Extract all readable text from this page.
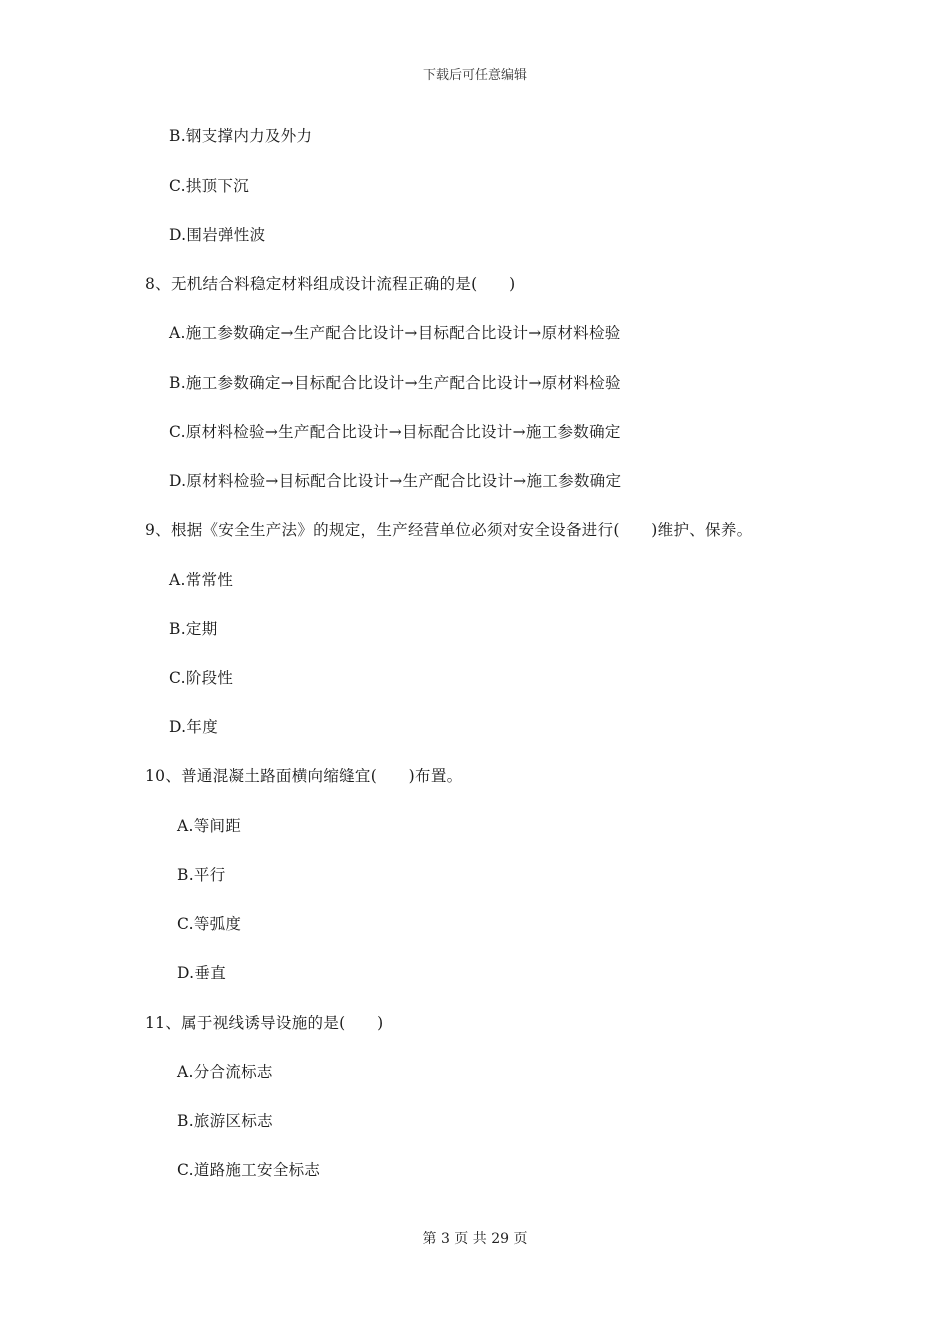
下载后可任意编辑
B.钢支撑内力及外力
C.拱顶下沉
D.围岩弹性波
8、无机结合料稳定材料组成设计流程正确的是(　　)
A.施工参数确定→生产配合比设计→目标配合比设计→原材料检验
B.施工参数确定→目标配合比设计→生产配合比设计→原材料检验
C.原材料检验→生产配合比设计→目标配合比设计→施工参数确定
D.原材料检验→目标配合比设计→生产配合比设计→施工参数确定
9、根据《安全生产法》的规定，生产经营单位必须对安全设备进行(　　)维护、保养。
A.常常性
B.定期
C.阶段性
D.年度
10、普通混凝土路面横向缩缝宜(　　)布置。
A.等间距
B.平行
C.等弧度
D.垂直
11、属于视线诱导设施的是(　　)
A.分合流标志
B.旅游区标志
C.道路施工安全标志
第 3 页 共 29 页
